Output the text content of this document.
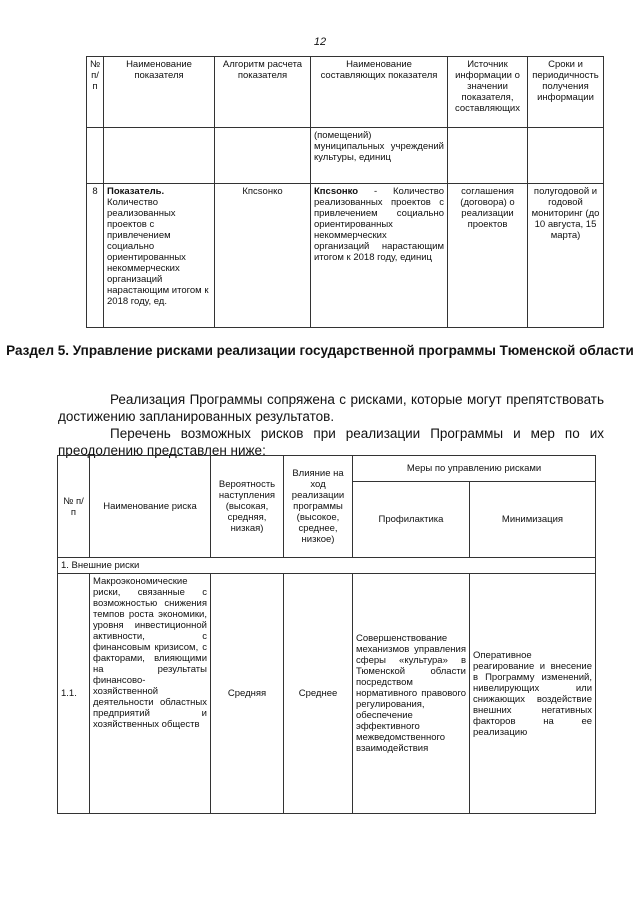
12
№ п/п	Наименование показателя	Алгоритм расчета показателя	Наименование составляющих показателя	Источник информации о значении показателя, составляющих	Сроки и периодичность получения информации
			(помещений) муниципальных учреждений культуры, единиц		
8	Показатель. Количество реализованных проектов с привлечением социально ориентированных некоммерческих организаций нарастающим итогом к 2018 году, ед.	Кпсsонко	Кпсsонко - Количество реализованных проектов с привлечением социально ориентированных некоммерческих организаций нарастающим итогом к 2018 году, единиц	соглашения (договора) о реализации проектов	полугодовой и годовой мониторинг (до 10 августа, 15 марта)
Раздел 5. Управление рисками реализации государственной программы Тюменской области
Реализация Программы сопряжена с рисками, которые могут препятствовать достижению запланированных результатов.
Перечень возможных рисков при реализации Программы и мер по их преодолению представлен ниже:
№ п/п	Наименование риска	Вероятность наступления (высокая, средняя, низкая)	Влияние на ход реализации программы (высокое, среднее, низкое)	Меры по управлению рисками	
				Профилактика	Минимизация
1. Внешние риски					
1.1.	Макроэкономические риски, связанные с возможностью снижения темпов роста экономики, уровня инвестиционной активности, с финансовым кризисом, с факторами, влияющими на результаты финансово-хозяйственной деятельности областных предприятий и хозяйственных обществ	Средняя	Среднее	Совершенствование механизмов управления сферы «культура» в Тюменской области посредством нормативного правового регулирования, обеспечение эффективного межведомственного взаимодействия	Оперативное реагирование и внесение в Программу изменений, нивелирующих или снижающих воздействие внешних негативных факторов на ее реализацию
